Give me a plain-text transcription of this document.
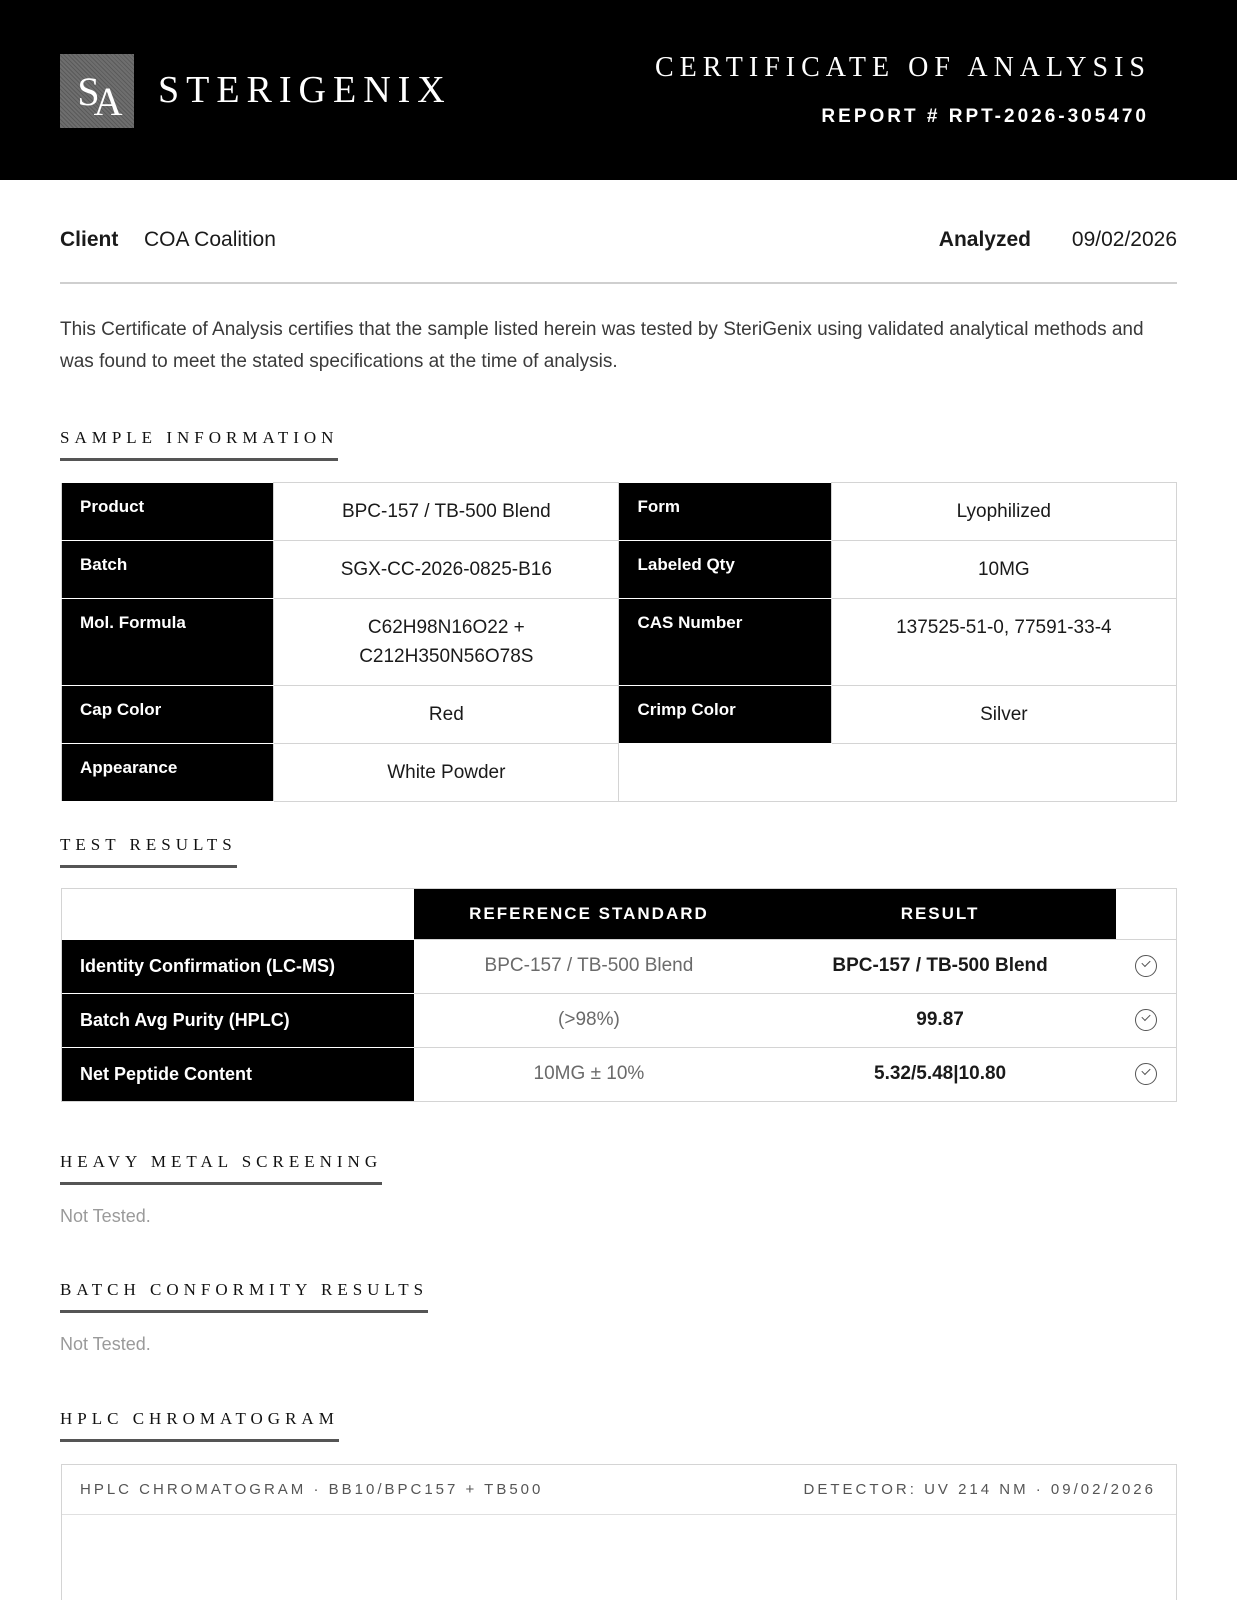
SA STERIGENIX
CERTIFICATE OF ANALYSIS
REPORT # RPT-2026-305470
Client COA Coalition	Analyzed 09/02/2026

This Certificate of Analysis certifies that the sample listed herein was tested by SteriGenix using validated analytical methods and was found to meet the stated specifications at the time of analysis.

SAMPLE INFORMATION
Product	BPC-157 / TB-500 Blend	Form	Lyophilized
Batch	SGX-CC-2026-0825-B16	Labeled Qty	10MG
Mol. Formula	C62H98N16O22 +
C212H350N56O78S	CAS Number	137525-51-0, 77591-33-4
Cap Color	Red	Crimp Color	Silver
Appearance	White Powder		
TEST RESULTS
	REFERENCE STANDARD	RESULT	
Identity Confirmation (LC-MS)	BPC-157 / TB-500 Blend	BPC-157 / TB-500 Blend	
Batch Avg Purity (HPLC)	(>98%)	99.87	
Net Peptide Content	10MG ± 10%	5.32/5.48|10.80	
HEAVY METAL SCREENING
Not Tested.
BATCH CONFORMITY RESULTS
Not Tested.
HPLC CHROMATOGRAM
HPLC CHROMATOGRAM · BB10/BPC157 + TB500	DETECTOR: UV 214 NM · 09/02/2026
